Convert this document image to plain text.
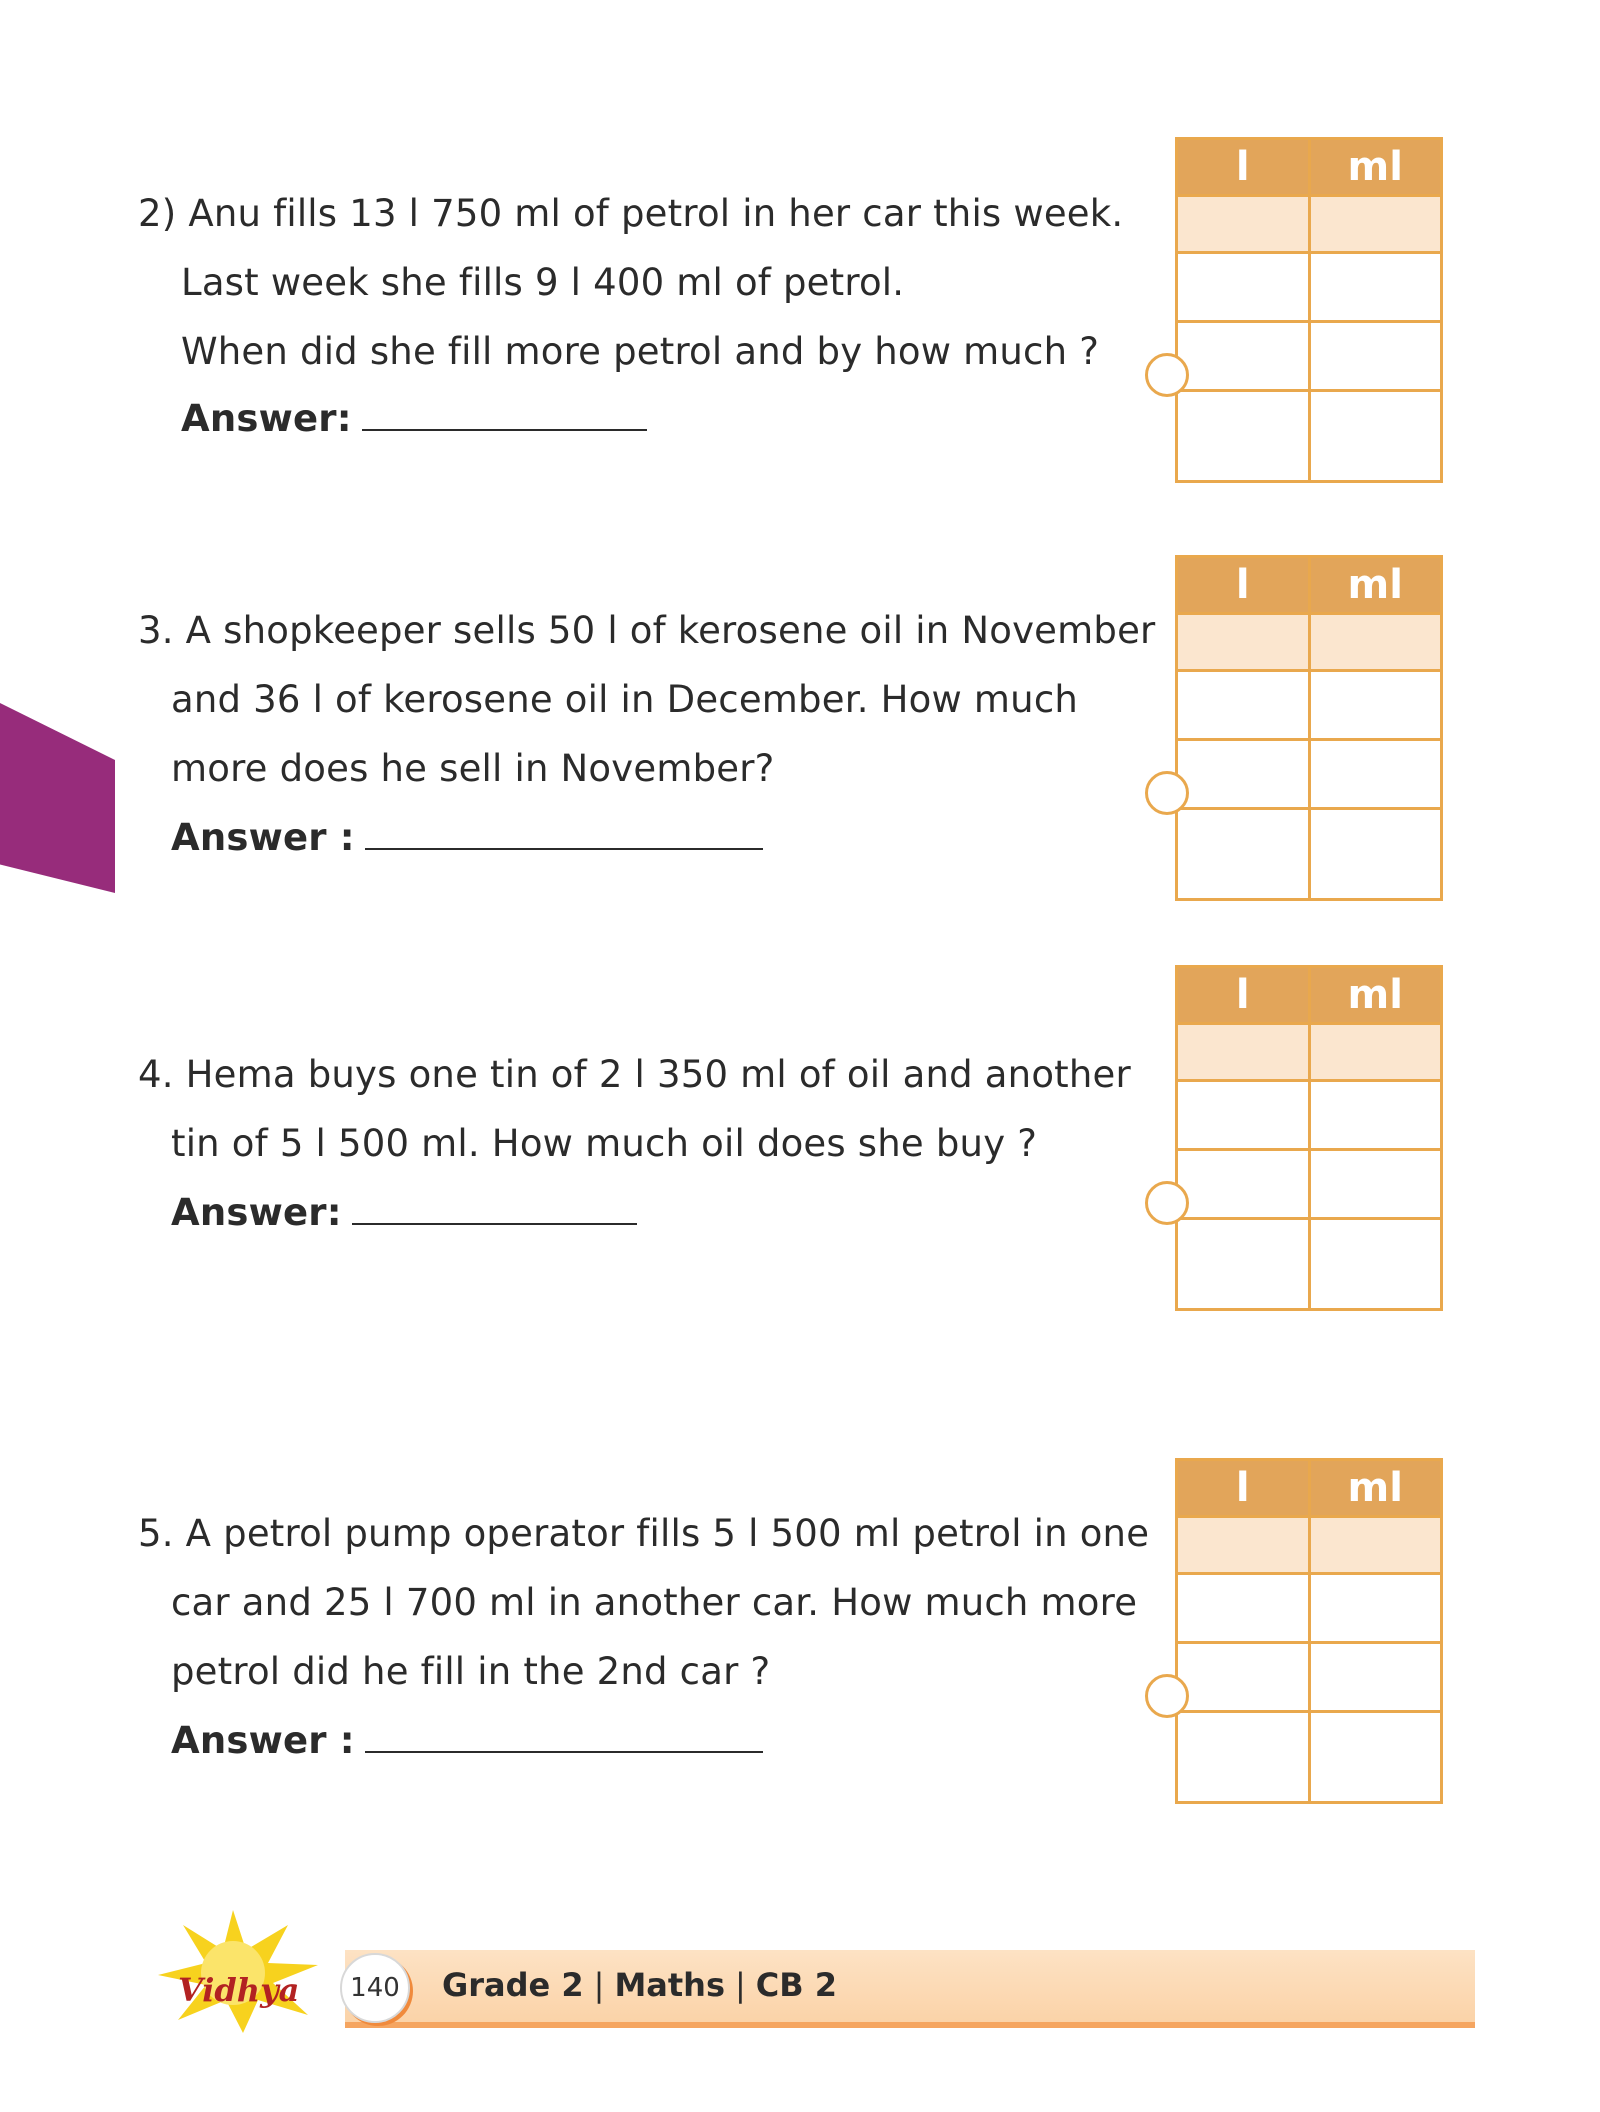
2) Anu fills 13 l 750 ml of petrol in her car this week.
Last week she fills 9 l 400 ml of petrol.
When did she fill more petrol and by how much ?
Answer:
l	ml

3. A shopkeeper sells 50 l of kerosene oil in November
and 36 l of kerosene oil in December. How much
more does he sell in November?
Answer :
l	ml

4. Hema buys one tin of 2 l 350 ml of oil and another
tin of 5 l 500 ml. How much oil does she buy ?
Answer:
l	ml

5. A petrol pump operator fills 5 l 500 ml petrol in one
car and 25 l 700 ml in another car. How much more
petrol did he fill in the 2nd car ?
Answer :
l	ml

Vidhya	140	Grade 2 | Maths | CB 2
